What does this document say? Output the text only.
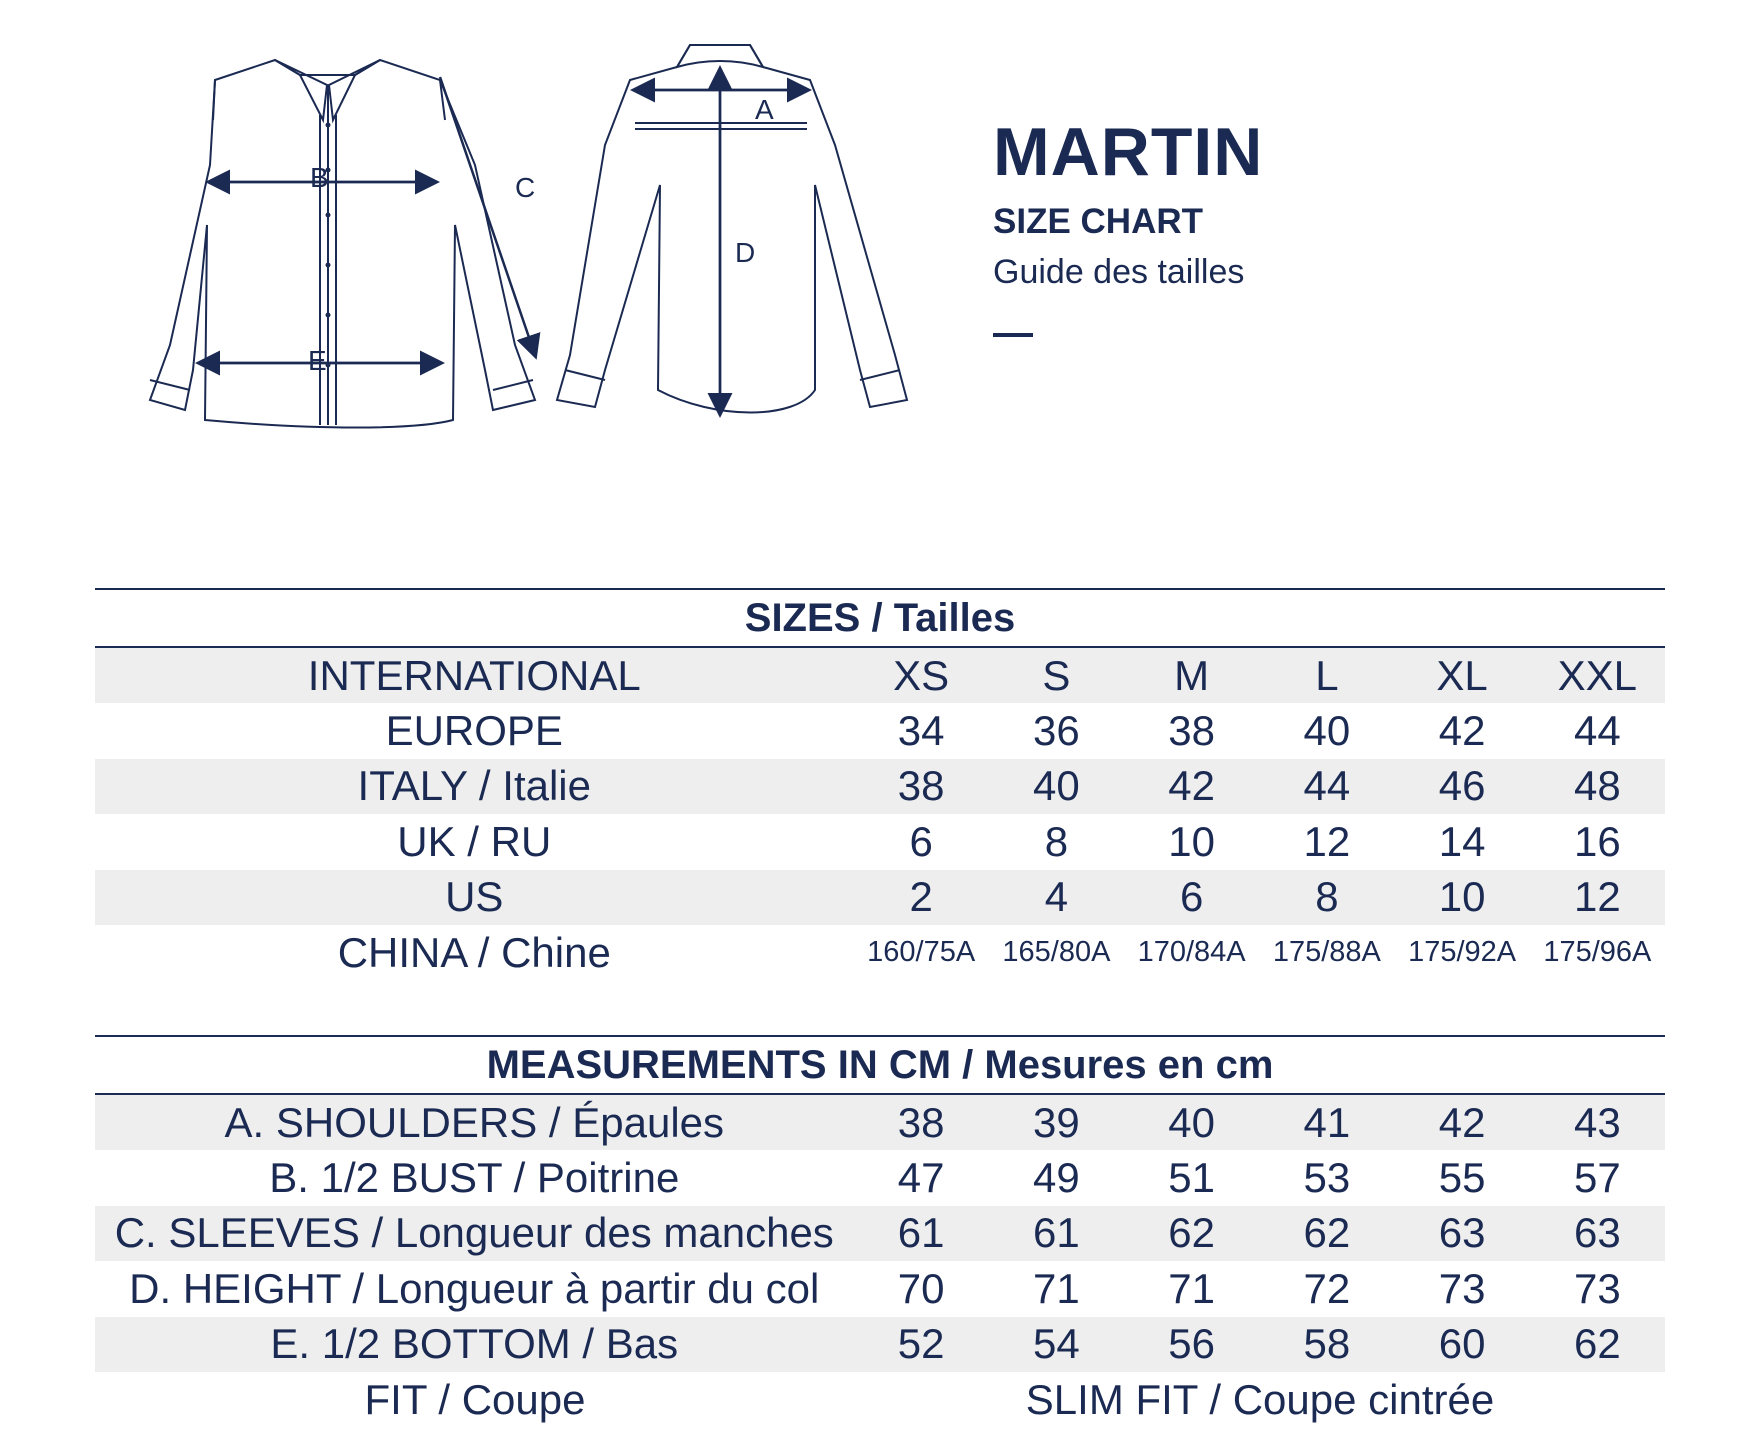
B
E
C
A
D
MARTIN
SIZE CHART
Guide des tailles
SIZES / Tailles
INTERNATIONAL	XS	S	M	L	XL	XXL
EUROPE	34	36	38	40	42	44
ITALY / Italie	38	40	42	44	46	48
UK / RU	6	8	10	12	14	16
US	2	4	6	8	10	12
CHINA / Chine	160/75A 165/80A 170/84A 175/88A 175/92A 175/96A
MEASUREMENTS IN CM / Mesures en cm
A. SHOULDERS / Épaules	38	39	40	41	42	43
B. 1/2 BUST / Poitrine	47	49	51	53	55	57
C. SLEEVES / Longueur des manches	61	61	62	62	63	63
D. HEIGHT / Longueur à partir du col	70	71	71	72	73	73
E. 1/2 BOTTOM / Bas	52	54	56	58	60	62
FIT / Coupe	SLIM FIT / Coupe cintrée
